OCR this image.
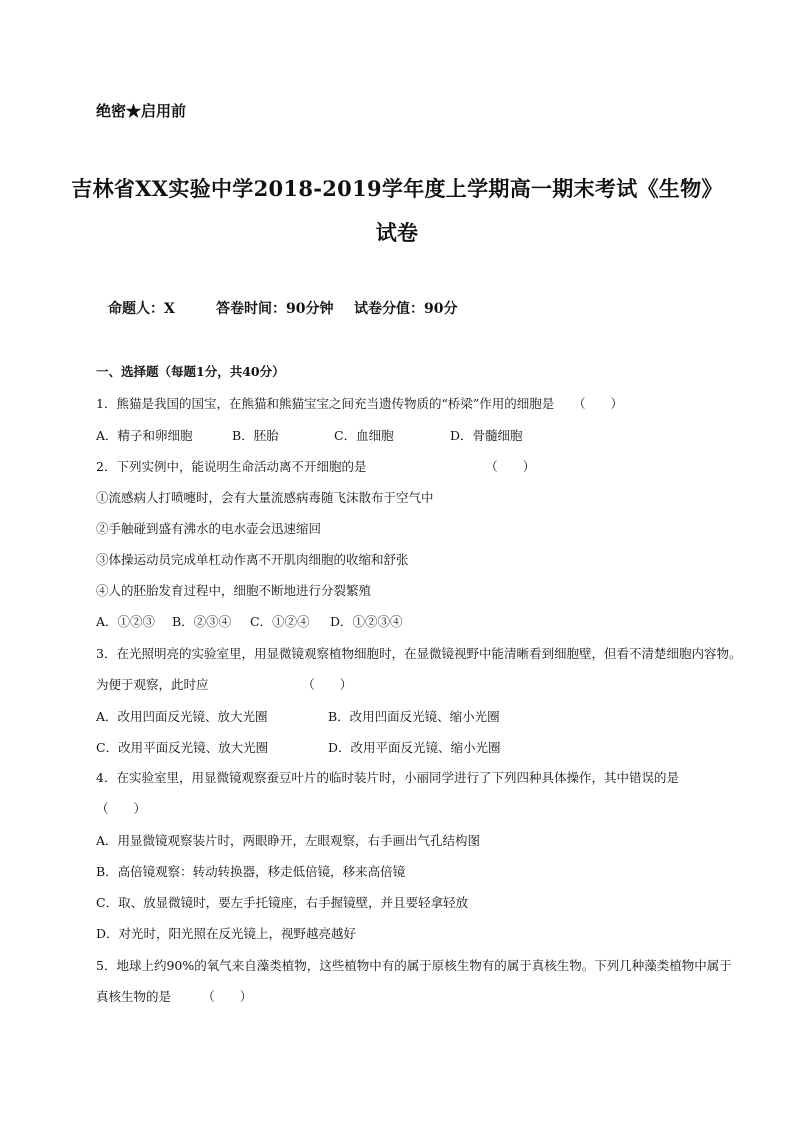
绝密★启用前
吉林省XX实验中学2018-2019学年度上学期高一期末考试《生物》
试卷
命题人：X	答卷时间：90分钟 试卷分值：90分
一、选择题（每题1分，共40分）
1．熊猫是我国的国宝，在熊猫和熊猫宝宝之间充当遗传物质的“桥梁”作用的细胞是　　（　　）
A．精子和卵细胞	B．胚胎	C．血细胞	D．骨髓细胞
2．下列实例中，能说明生命活动离不开细胞的是　　　　　　　　　　（　　）
①流感病人打喷嚏时，会有大量流感病毒随飞沫散布于空气中
②手触碰到盛有沸水的电水壶会迅速缩回
③体操运动员完成单杠动作离不开肌肉细胞的收缩和舒张
④人的胚胎发育过程中，细胞不断地进行分裂繁殖
A．①②③ B．②③④ C．①②④ D．①②③④
3．在光照明亮的实验室里，用显微镜观察植物细胞时，在显微镜视野中能清晰看到细胞壁，但看不清楚细胞内容物。
为便于观察，此时应　　　　　　　　（　　）
A．改用凹面反光镜、放大光圈	B．改用凹面反光镜、缩小光圈
C．改用平面反光镜、放大光圈	D．改用平面反光镜、缩小光圈
4．在实验室里，用显微镜观察蚕豆叶片的临时装片时，小丽同学进行了下列四种具体操作，其中错误的是
（　　）
A．用显微镜观察装片时，两眼睁开，左眼观察，右手画出气孔结构图
B．高倍镜观察：转动转换器，移走低倍镜，移来高倍镜
C．取、放显微镜时，要左手托镜座，右手握镜壁，并且要轻拿轻放
D．对光时，阳光照在反光镜上，视野越亮越好
5．地球上约90%的氧气来自藻类植物，这些植物中有的属于原核生物有的属于真核生物。下列几种藻类植物中属于
真核生物的是　　　（　　）
